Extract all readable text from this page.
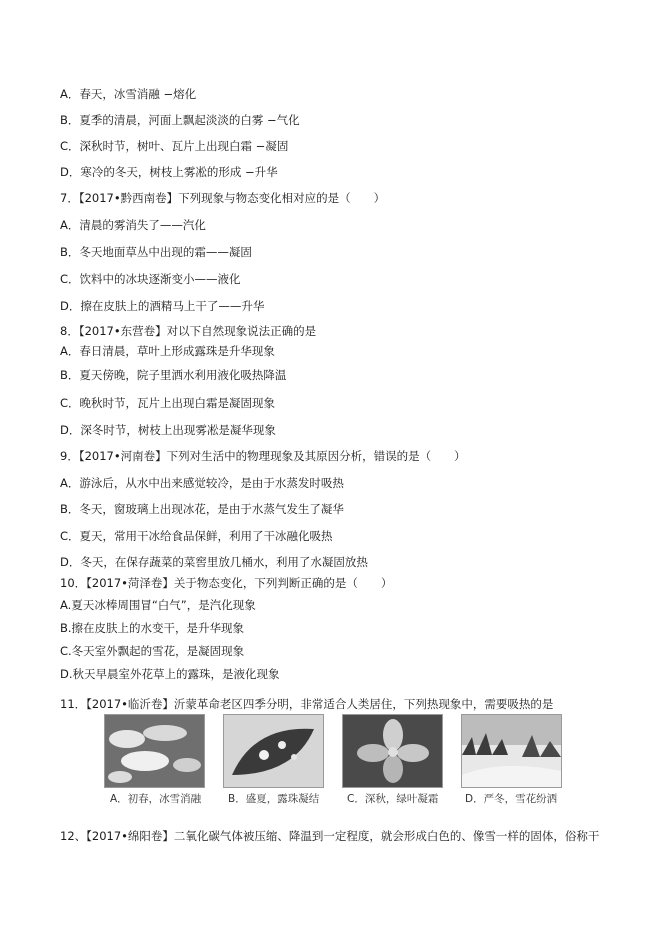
A．春天，冰雪消融 −熔化
B．夏季的清晨，河面上飘起淡淡的白雾 −气化
C．深秋时节，树叶、瓦片上出现白霜 −凝固
D．寒冷的冬天，树枝上雾凇的形成 −升华
7．【2017•黔西南卷】下列现象与物态变化相对应的是（　　）
A．清晨的雾消失了——汽化
B．冬天地面草丛中出现的霜——凝固
C．饮料中的冰块逐渐变小——液化
D．擦在皮肤上的酒精马上干了——升华
8．【2017•东营卷】对以下自然现象说法正确的是
A．春日清晨，草叶上形成露珠是升华现象
B．夏天傍晚，院子里洒水利用液化吸热降温
C．晚秋时节，瓦片上出现白霜是凝固现象
D．深冬时节，树枝上出现雾凇是凝华现象
9．【2017•河南卷】下列对生活中的物理现象及其原因分析，错误的是（　　）
A．游泳后，从水中出来感觉较冷，是由于水蒸发时吸热
B．冬天，窗玻璃上出现冰花，是由于水蒸气发生了凝华
C．夏天，常用干冰给食品保鲜，利用了干冰融化吸热
D．冬天，在保存蔬菜的菜窖里放几桶水，利用了水凝固放热
10．【2017•菏泽卷】关于物态变化，下列判断正确的是（　　）
A.夏天冰棒周围冒“白气”，是汽化现象
B.擦在皮肤上的水变干，是升华现象
C.冬天室外飘起的雪花，是凝固现象
D.秋天早晨室外花草上的露珠，是液化现象
11．【2017•临沂卷】沂蒙革命老区四季分明，非常适合人类居住，下列热现象中，需要吸热的是
A．初春，冰雪消融	B．盛夏，露珠凝结	C．深秋，绿叶凝霜	D．严冬，雪花纷洒
12、【2017•绵阳卷】二氧化碳气体被压缩、降温到一定程度，就会形成白色的、像雪一样的固体，俗称干
